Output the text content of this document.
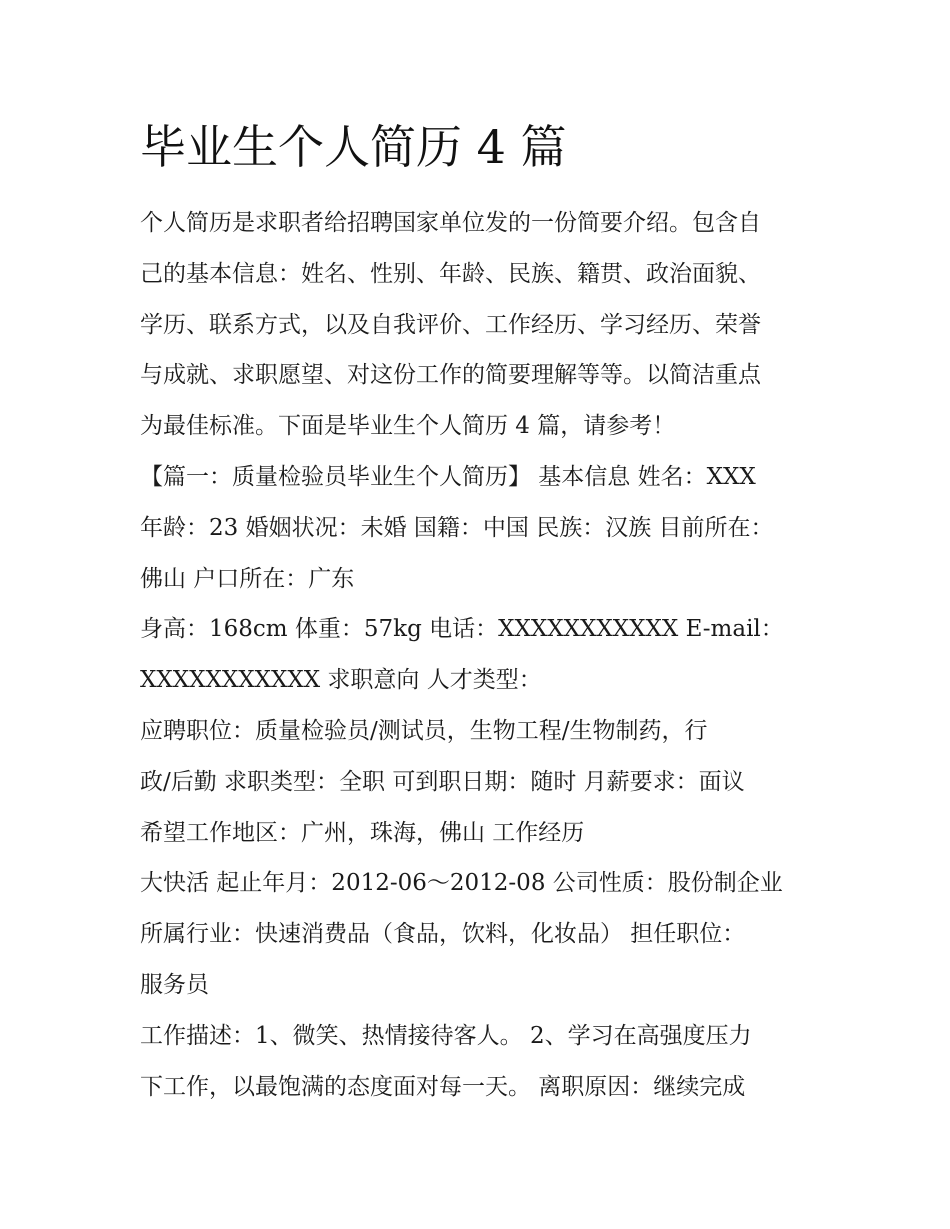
毕业生个人简历 4 篇
个人简历是求职者给招聘国家单位发的一份简要介绍。包含自
己的基本信息：姓名、性别、年龄、民族、籍贯、政治面貌、
学历、联系方式，以及自我评价、工作经历、学习经历、荣誉
与成就、求职愿望、对这份工作的简要理解等等。以简洁重点
为最佳标准。下面是毕业生个人简历 4 篇，请参考！
【篇一：质量检验员毕业生个人简历】 基本信息 姓名：XXX
年龄：23 婚姻状况：未婚 国籍：中国 民族：汉族 目前所在：
佛山 户口所在：广东
身高：168cm 体重：57kg 电话：XXXXXXXXXXX E-mail：
XXXXXXXXXXX 求职意向 人才类型：
应聘职位：质量检验员/测试员，生物工程/生物制药，行
政/后勤 求职类型：全职 可到职日期：随时 月薪要求：面议
希望工作地区：广州，珠海，佛山 工作经历
大快活 起止年月：2012-06～2012-08 公司性质：股份制企业
所属行业：快速消费品（食品，饮料，化妆品） 担任职位：
服务员
工作描述：1、微笑、热情接待客人。 2、学习在高强度压力
下工作，以最饱满的态度面对每一天。 离职原因：继续完成
